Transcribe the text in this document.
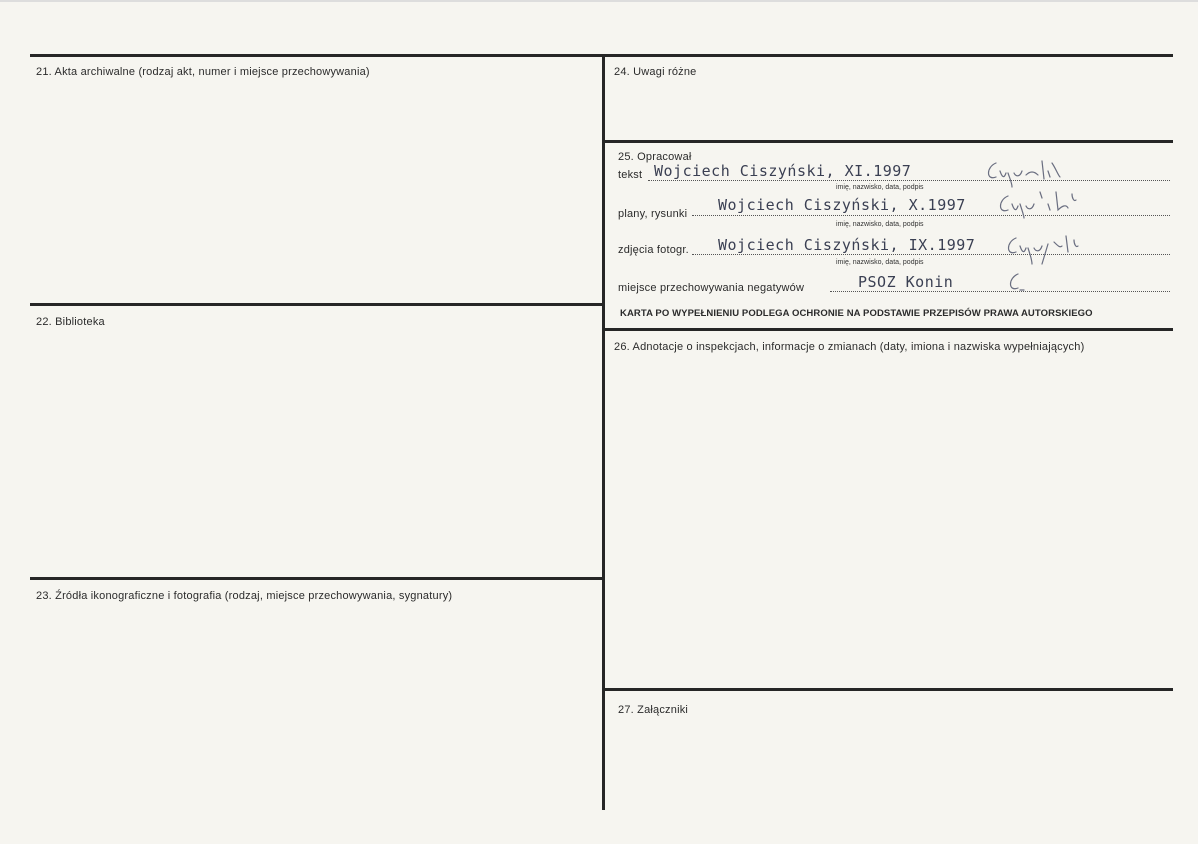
21. Akta archiwalne (rodzaj akt, numer i miejsce przechowywania)
22. Biblioteka
23. Źródła ikonograficzne i fotografia (rodzaj, miejsce przechowywania, sygnatury)
24. Uwagi różne
25. Opracował
tekst Wojciech Ciszyński, XI.1997
imię, nazwisko, data, podpis
plany, rysunki Wojciech Ciszyński, X.1997
imię, nazwisko, data, podpis
zdjęcia fotogr. Wojciech Ciszyński, IX.1997
imię, nazwisko, data, podpis
miejsce przechowywania negatywów	PSOZ Konin
KARTA PO WYPEŁNIENIU PODLEGA OCHRONIE NA PODSTAWIE PRZEPISÓW PRAWA AUTORSKIEGO
26. Adnotacje o inspekcjach, informacje o zmianach (daty, imiona i nazwiska wypełniających)
27. Załączniki
